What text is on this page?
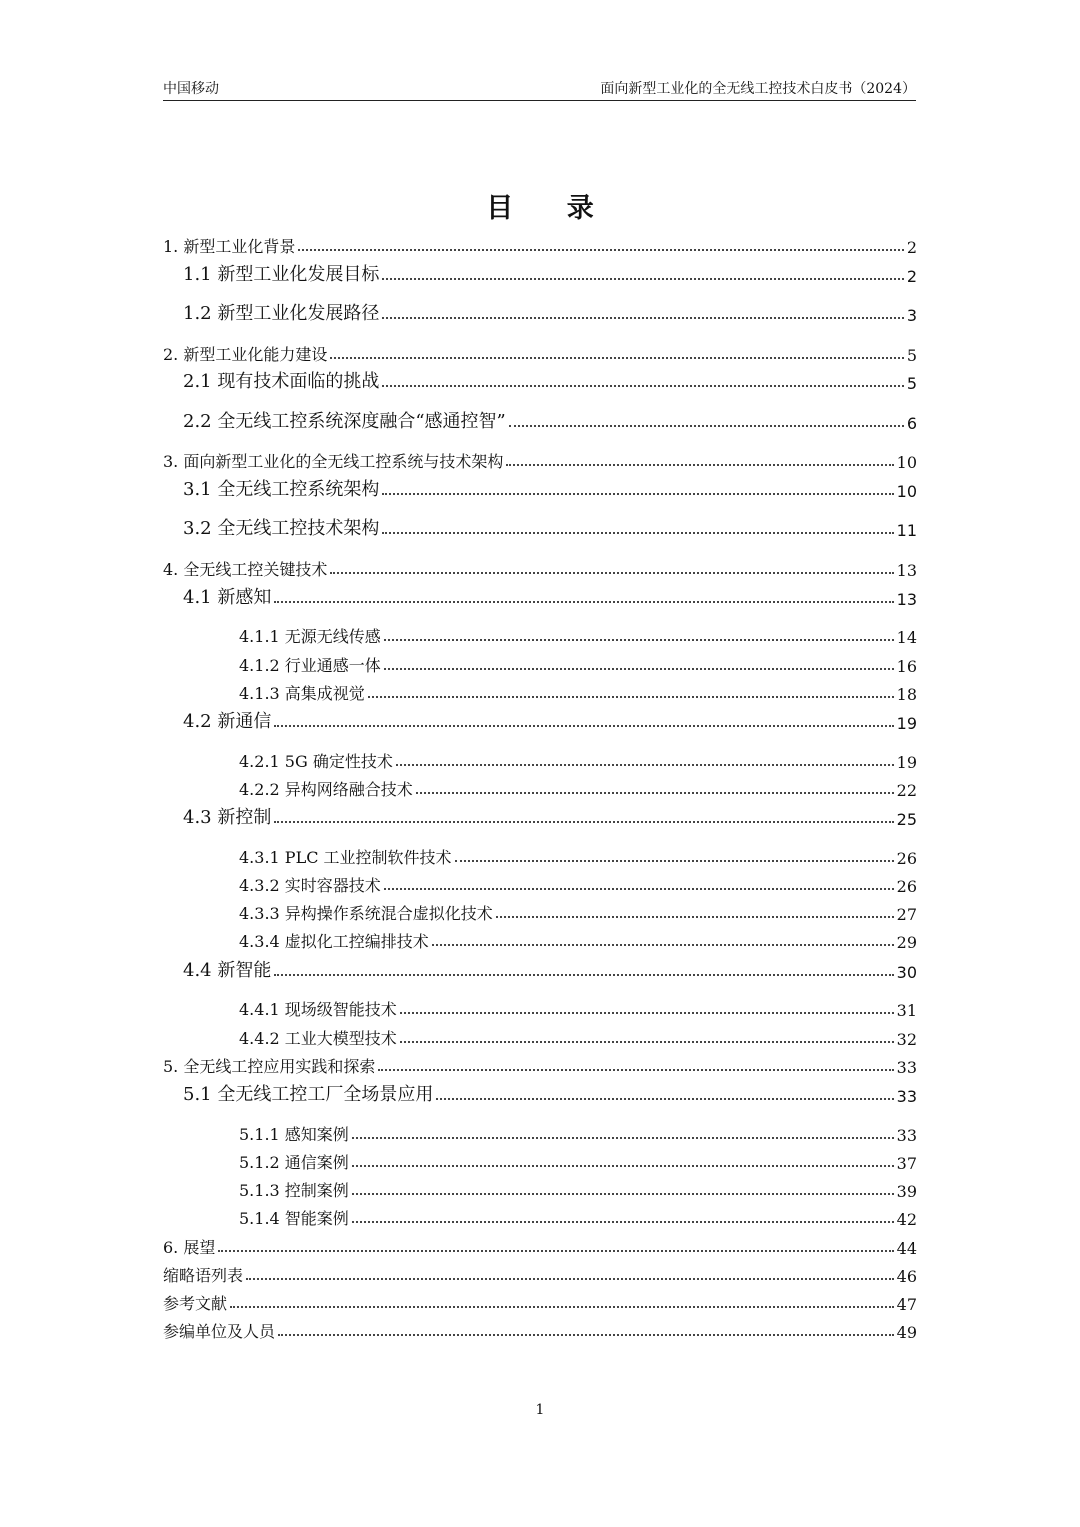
中国移动	面向新型工业化的全无线工控技术白皮书（2024）
目 录
1. 新型工业化背景	2
1.1 新型工业化发展目标	2
1.2 新型工业化发展路径	3
2. 新型工业化能力建设	5
2.1 现有技术面临的挑战	5
2.2 全无线工控系统深度融合“感通控智”	6
3. 面向新型工业化的全无线工控系统与技术架构	10
3.1 全无线工控系统架构	10
3.2 全无线工控技术架构	11
4. 全无线工控关键技术	13
4.1 新感知	13
4.1.1 无源无线传感	14
4.1.2 行业通感一体	16
4.1.3 高集成视觉	18
4.2 新通信	19
4.2.1 5G 确定性技术	19
4.2.2 异构网络融合技术	22
4.3 新控制	25
4.3.1 PLC 工业控制软件技术	26
4.3.2 实时容器技术	26
4.3.3 异构操作系统混合虚拟化技术	27
4.3.4 虚拟化工控编排技术	29
4.4 新智能	30
4.4.1 现场级智能技术	31
4.4.2 工业大模型技术	32
5. 全无线工控应用实践和探索	33
5.1 全无线工控工厂全场景应用	33
5.1.1 感知案例	33
5.1.2 通信案例	37
5.1.3 控制案例	39
5.1.4 智能案例	42
6. 展望	44
缩略语列表	46
参考文献	47
参编单位及人员	49
1
